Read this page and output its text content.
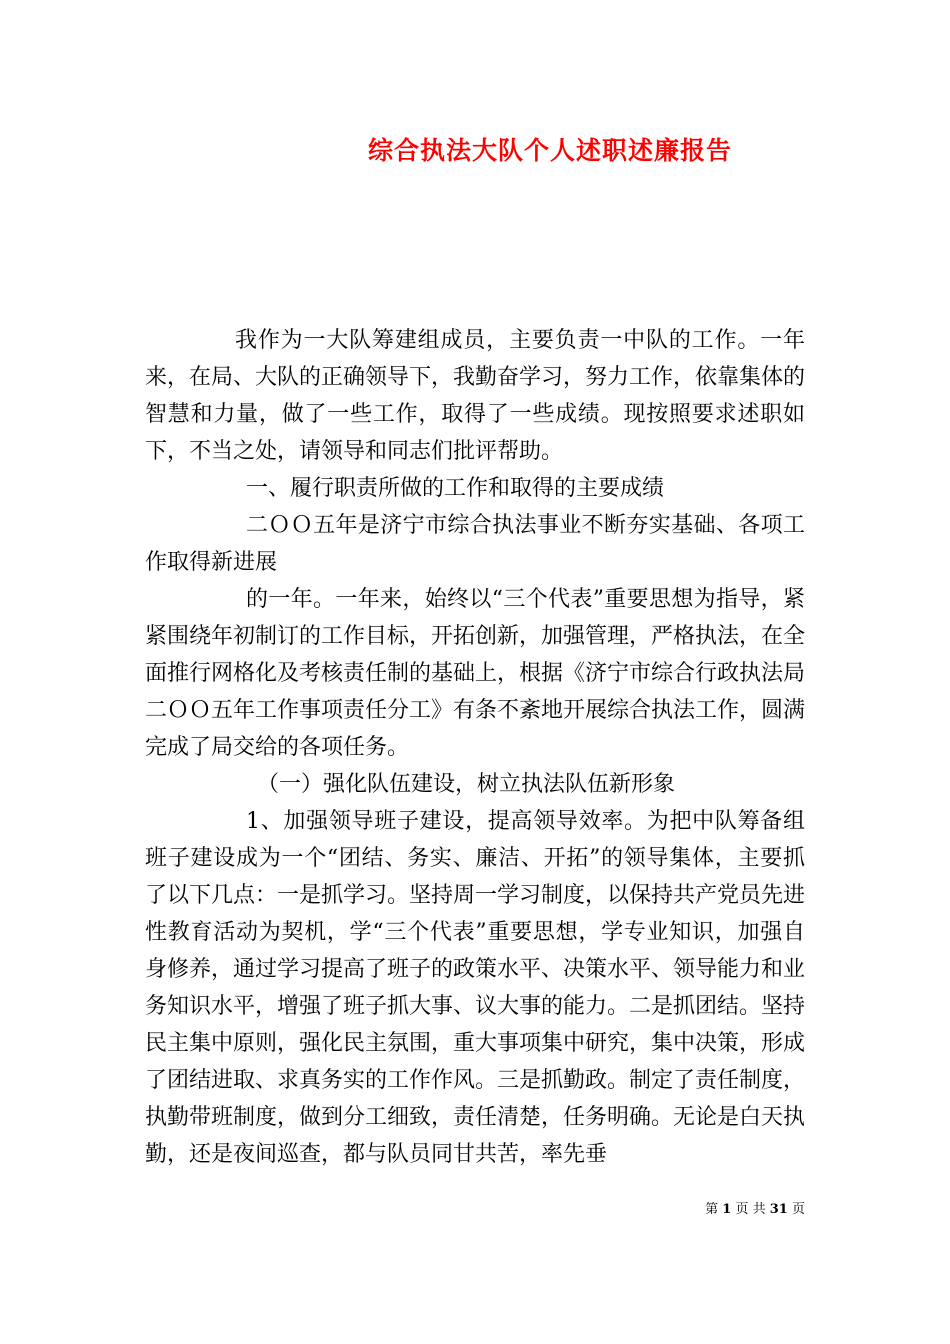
综合执法大队个人述职述廉报告

我作为一大队筹建组成员，主要负责一中队的工作。一年来，在局、大队的正确领导下，我勤奋学习，努力工作，依靠集体的智慧和力量，做了一些工作，取得了一些成绩。现按照要求述职如下，不当之处，请领导和同志们批评帮助。

一、履行职责所做的工作和取得的主要成绩

二ＯＯ五年是济宁市综合执法事业不断夯实基础、各项工作取得新进展

的一年。一年来，始终以“三个代表”重要思想为指导，紧紧围绕年初制订的工作目标，开拓创新，加强管理，严格执法，在全面推行网格化及考核责任制的基础上，根据《济宁市综合行政执法局二ＯＯ五年工作事项责任分工》有条不紊地开展综合执法工作，圆满完成了局交给的各项任务。

（一）强化队伍建设，树立执法队伍新形象

1、加强领导班子建设，提高领导效率。为把中队筹备组班子建设成为一个“团结、务实、廉洁、开拓”的领导集体，主要抓了以下几点：一是抓学习。坚持周一学习制度，以保持共产党员先进性教育活动为契机，学“三个代表”重要思想，学专业知识，加强自身修养，通过学习提高了班子的政策水平、决策水平、领导能力和业务知识水平，增强了班子抓大事、议大事的能力。二是抓团结。坚持民主集中原则，强化民主氛围，重大事项集中研究，集中决策，形成了团结进取、求真务实的工作作风。三是抓勤政。制定了责任制度，执勤带班制度，做到分工细致，责任清楚，任务明确。无论是白天执勤，还是夜间巡查，都与队员同甘共苦，率先垂

第 1 页 共 31 页
